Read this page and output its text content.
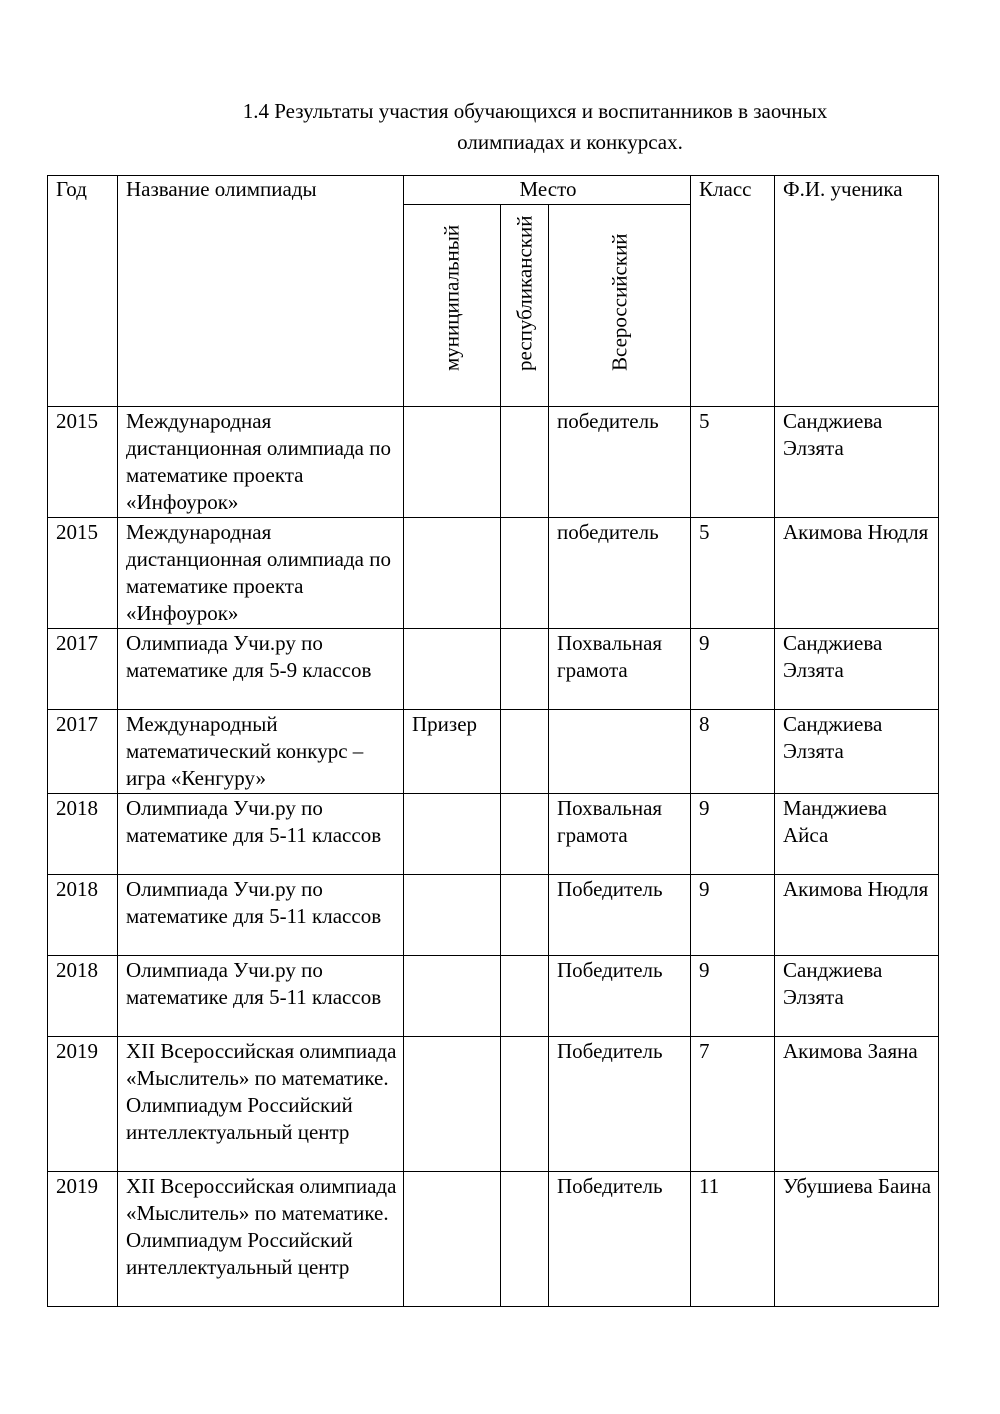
1.4 Результаты участия обучающихся и воспитанников в заочных
олимпиадах и конкурсах.
Год	Название олимпиады	Место			Класс	Ф.И. ученика

		муниципальный	республиканский	Всероссийский		

2015	Международная дистанционная олимпиада по математике проекта «Инфоурок»			победитель	5	Санджиева Элзята
2015	Международная дистанционная олимпиада по математике проекта «Инфоурок»			победитель	5	Акимова Нюдля
2017	Олимпиада Учи.ру по математике для 5-9 классов			Похвальная грамота	9	Санджиева Элзята
2017	Международный математический конкурс – игра «Кенгуру»	Призер			8	Санджиева Элзята
2018	Олимпиада Учи.ру по математике для 5-11 классов			Похвальная грамота	9	Манджиева Айса
2018	Олимпиада Учи.ру по математике для 5-11 классов			Победитель	9	Акимова Нюдля
2018	Олимпиада Учи.ру по математике для 5-11 классов			Победитель	9	Санджиева Элзята
2019	XII Всероссийская олимпиада «Мыслитель» по математике. Олимпиадум Российский интеллектуальный центр			Победитель	7	Акимова Заяна
2019	XII Всероссийская олимпиада «Мыслитель» по математике. Олимпиадум Российский интеллектуальный центр			Победитель	11	Убушиева Баина
